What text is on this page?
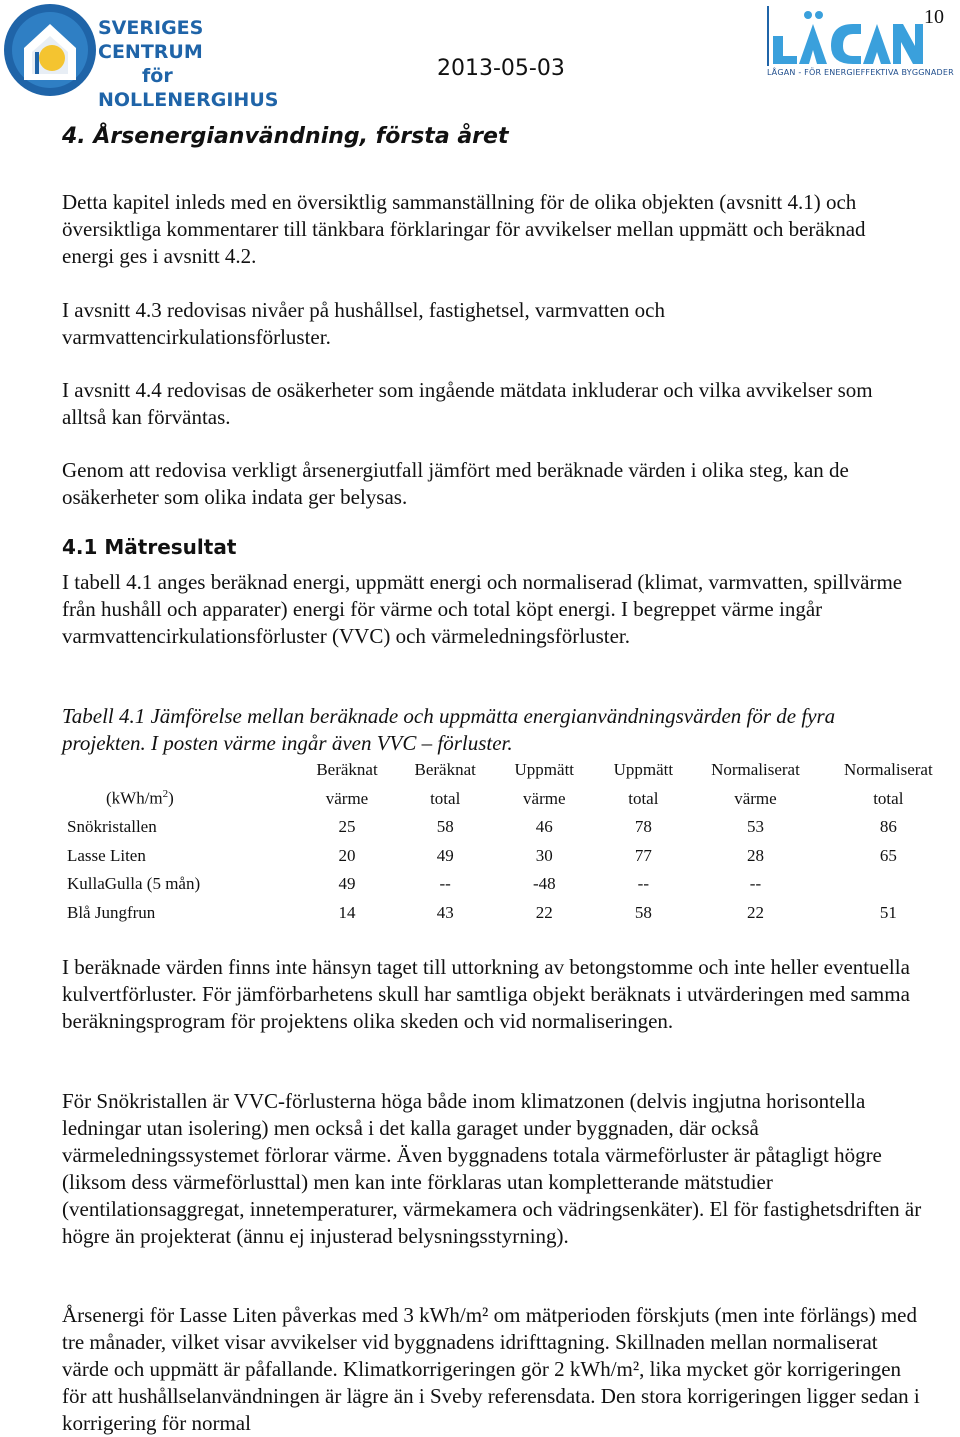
10
SVERIGES CENTRUM
för
NOLLENERGIHUS
2013-05-03	LÅGAN - FÖR ENERGIEFFEKTIVA BYGGNADER
4. Årsenergianvändning, första året
Detta kapitel inleds med en översiktlig sammanställning för de olika objekten (avsnitt 4.1) och översiktliga kommentarer till tänkbara förklaringar för avvikelser mellan uppmätt och beräknad energi ges i avsnitt 4.2.
I avsnitt 4.3 redovisas nivåer på hushållsel, fastighetsel, varmvatten och varmvattencirkulationsförluster.
I avsnitt 4.4 redovisas de osäkerheter som ingående mätdata inkluderar och vilka avvikelser som alltså kan förväntas.
Genom att redovisa verkligt årsenergiutfall jämfört med beräknade värden i olika steg, kan de osäkerheter som olika indata ger belysas.
4.1 Mätresultat
I tabell 4.1 anges beräknad energi, uppmätt energi och normaliserad (klimat, varmvatten, spillvärme från hushåll och apparater) energi för värme och total köpt energi. I begreppet värme ingår varmvattencirkulationsförluster (VVC) och värmeledningsförluster.
Tabell 4.1 Jämförelse mellan beräknade och uppmätta energianvändningsvärden för de fyra projekten. I posten värme ingår även VVC – förluster.
	Beräknat	Beräknat	Uppmätt	Uppmätt	Normaliserat	Normaliserat
$(kWh/m^2)$	värme	total	värme	total	värme	total
Snökristallen	25	58	46	78	53	86
Lasse Liten	20	49	30	77	28	65
KullaGulla (5 mån)	49	--	-48	--	--	
Blå Jungfrun	14	43	22	58	22	51
I beräknade värden finns inte hänsyn taget till uttorkning av betongstomme och inte heller eventuella kulvertförluster. För jämförbarhetens skull har samtliga objekt beräknats i utvärderingen med samma beräkningsprogram för projektens olika skeden och vid normaliseringen.
För Snökristallen är VVC-förlusterna höga både inom klimatzonen (delvis ingjutna horisontella ledningar utan isolering) men också i det kalla garaget under byggnaden, där också värmeledningssystemet förlorar värme. Även byggnadens totala värmeförluster är påtagligt högre (liksom dess värmeförlusttal) men kan inte förklaras utan kompletterande mätstudier (ventilationsaggregat, innetemperaturer, värmekamera och vädringsenkäter). El för fastighetsdriften är högre än projekterat (ännu ej injusterad belysningsstyrning).
Årsenergi för Lasse Liten påverkas med 3 kWh/m² om mätperioden förskjuts (men inte förlängs) med tre månader, vilket visar avvikelser vid byggnadens idrifttagning. Skillnaden mellan normaliserat värde och uppmätt är påfallande. Klimatkorrigeringen gör 2 kWh/m², lika mycket gör korrigeringen för att hushållselanvändningen är lägre än i Sveby referensdata. Den stora korrigeringen ligger sedan i korrigering för normal
